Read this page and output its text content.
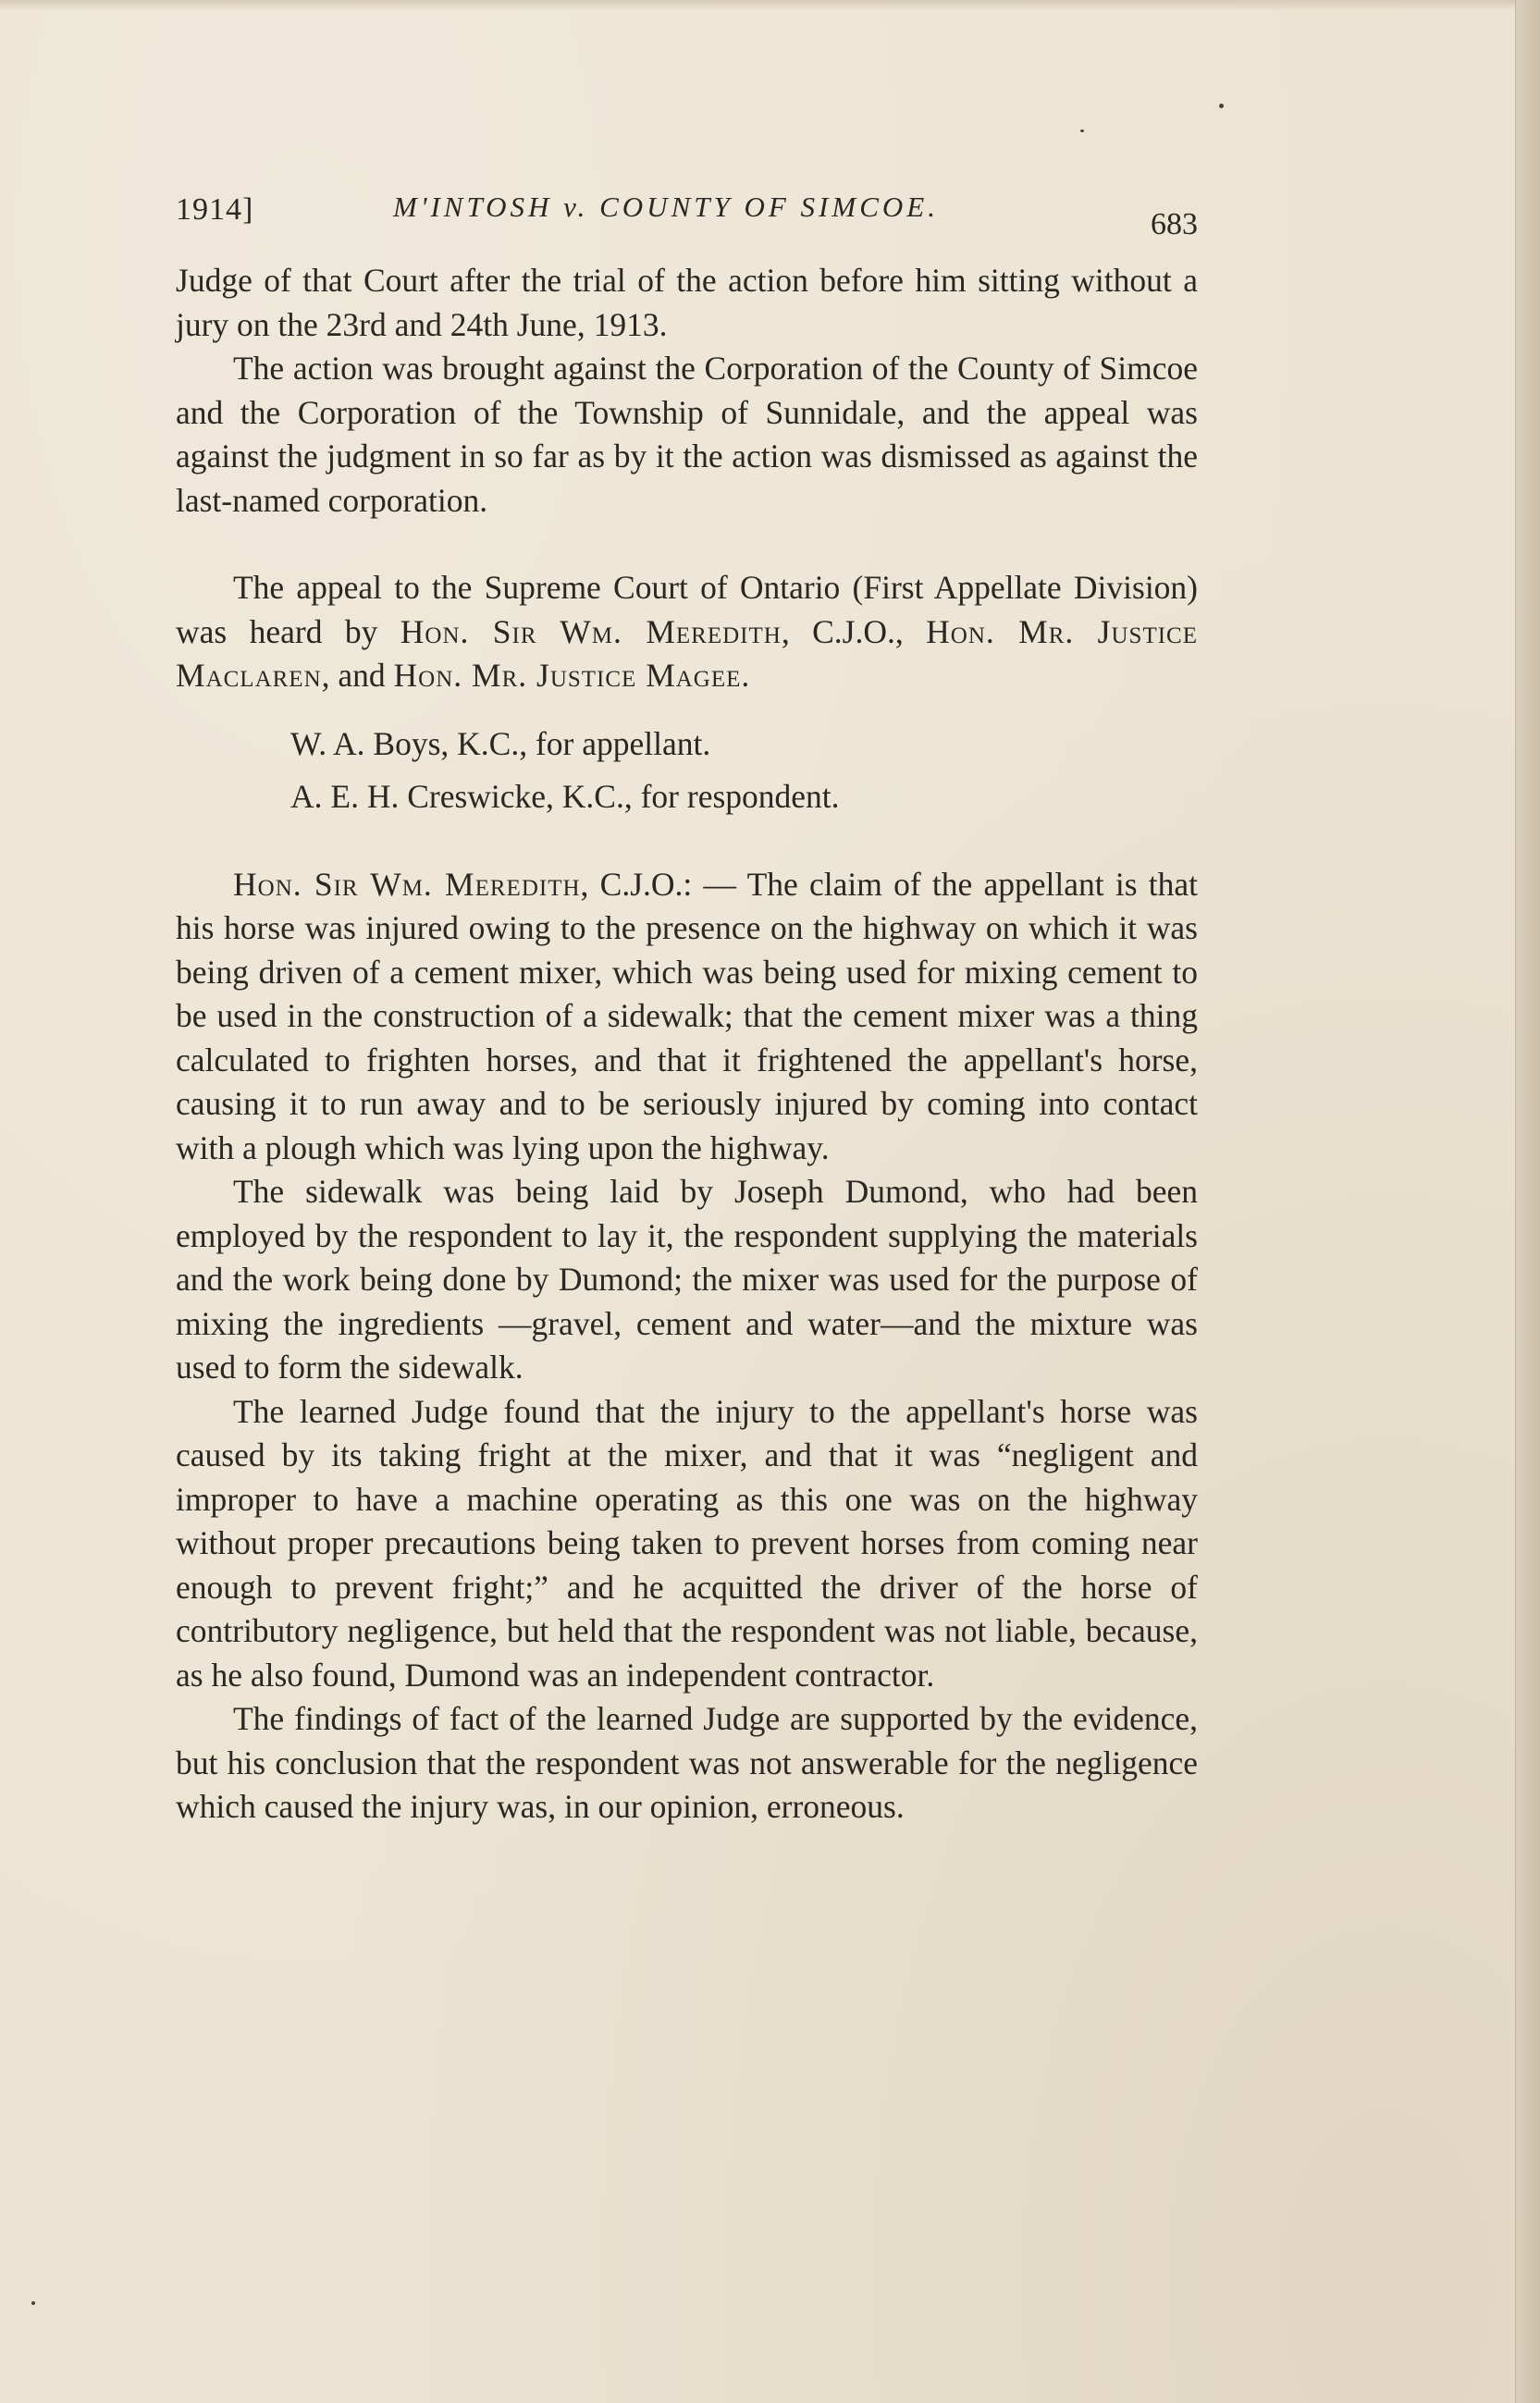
1914]	M'INTOSH v. COUNTY OF SIMCOE.
683

Judge of that Court after the trial of the action before him sitting without a jury on the 23rd and 24th June, 1913.

The action was brought against the Corporation of the County of Simcoe and the Corporation of the Township of Sunnidale, and the appeal was against the judgment in so far as by it the action was dismissed as against the last-named corporation.

The appeal to the Supreme Court of Ontario (First Appellate Division) was heard by Hon. Sir Wm. Meredith, C.J.O., Hon. Mr. Justice Maclaren, and Hon. Mr. Justice Magee.

W. A. Boys, K.C., for appellant.

A. E. H. Creswicke, K.C., for respondent.

Hon. Sir Wm. Meredith, C.J.O.: — The claim of the appellant is that his horse was injured owing to the presence on the highway on which it was being driven of a cement mixer, which was being used for mixing cement to be used in the construction of a sidewalk; that the cement mixer was a thing calculated to frighten horses, and that it frightened the appellant's horse, causing it to run away and to be seriously injured by coming into contact with a plough which was lying upon the highway.

The sidewalk was being laid by Joseph Dumond, who had been employed by the respondent to lay it, the respondent supplying the materials and the work being done by Dumond; the mixer was used for the purpose of mixing the ingredients —gravel, cement and water—and the mixture was used to form the sidewalk.

The learned Judge found that the injury to the appellant's horse was caused by its taking fright at the mixer, and that it was “negligent and improper to have a machine operating as this one was on the highway without proper precautions being taken to prevent horses from coming near enough to prevent fright;” and he acquitted the driver of the horse of contributory negligence, but held that the respondent was not liable, because, as he also found, Dumond was an independent contractor.

The findings of fact of the learned Judge are supported by the evidence, but his conclusion that the respondent was not answerable for the negligence which caused the injury was, in our opinion, erroneous.
